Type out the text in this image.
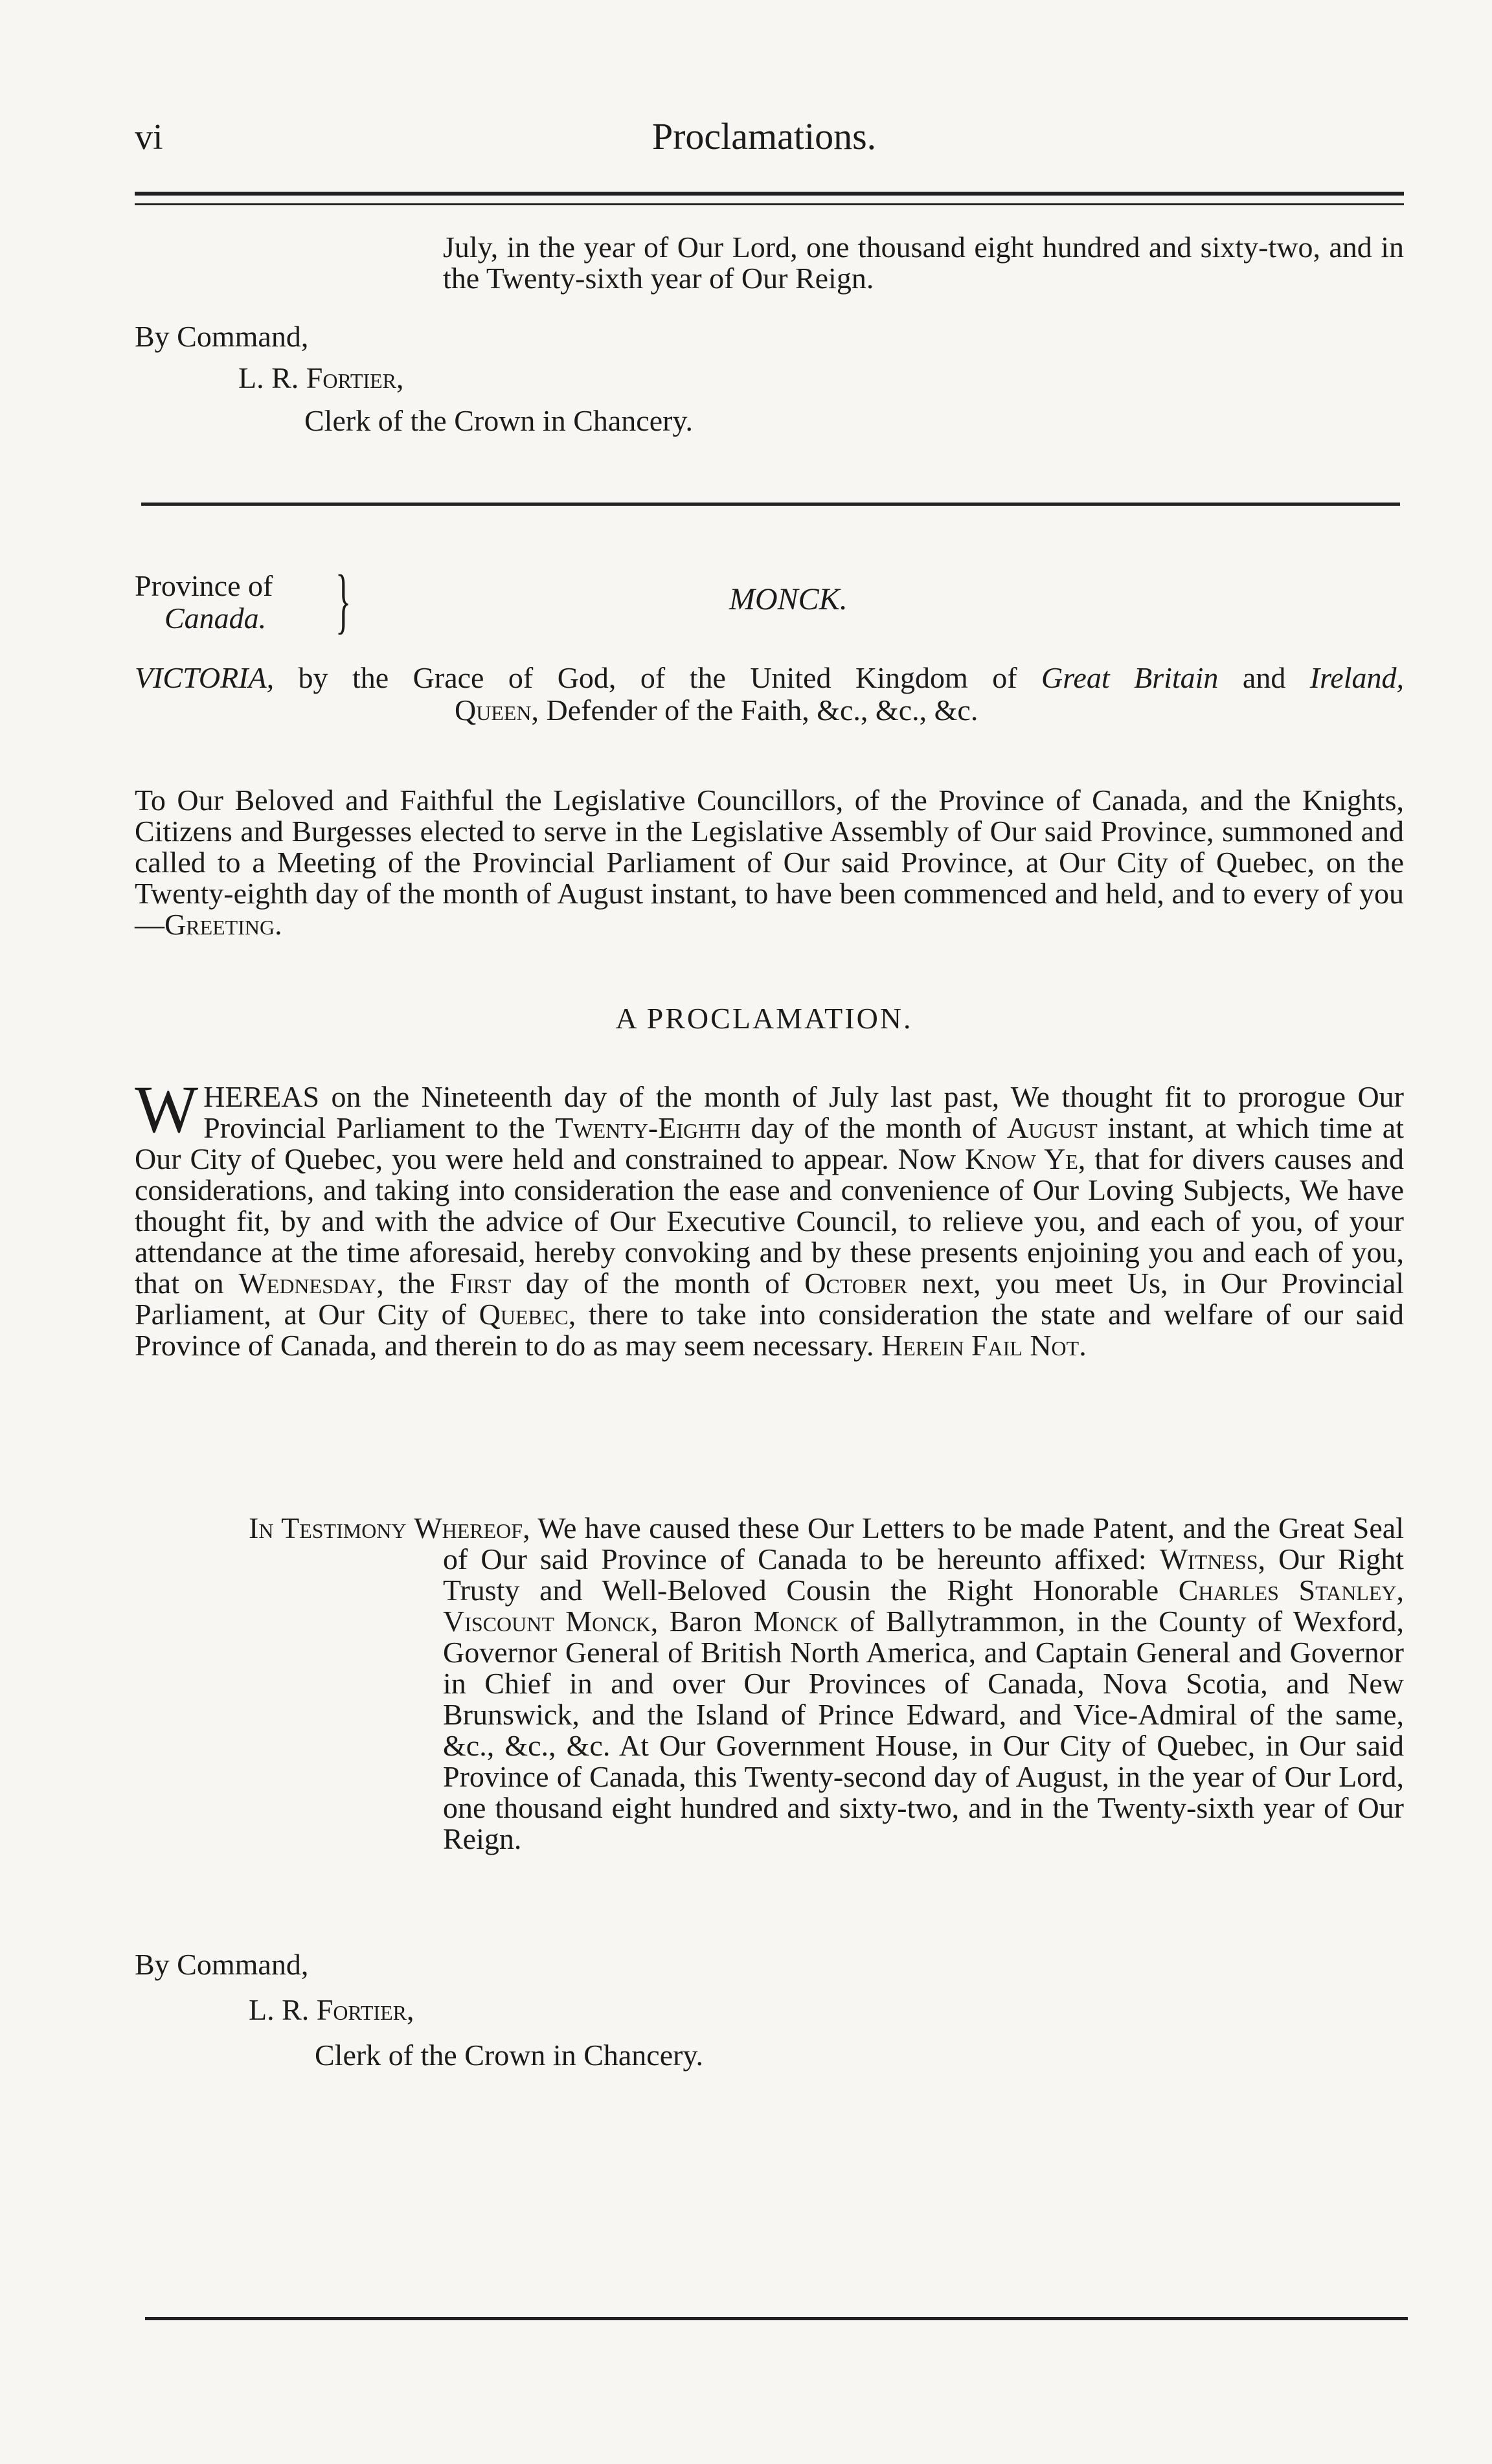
vi	Proclamations.

July, in the year of Our Lord, one thousand eight hundred and sixty-two, and in the Twenty-sixth year of Our Reign.

By Command,
L. R. Fortier,
Clerk of the Crown in Chancery.
Province of
Canada. }	MONCK.
VICTORIA, by the Grace of God, of the United Kingdom of Great Britain and Ireland,
Queen, Defender of the Faith, &c., &c., &c.

To Our Beloved and Faithful the Legislative Councillors, of the Province of Canada, and the Knights, Citizens and Burgesses elected to serve in the Legislative Assembly of Our said Province, summoned and called to a Meeting of the Provincial Parliament of Our said Province, at Our City of Quebec, on the Twenty-eighth day of the month of August instant, to have been commenced and held, and to every of you—Greeting.

A PROCLAMATION.

WHEREAS on the Nineteenth day of the month of July last past, We thought fit to prorogue Our Provincial Parliament to the Twenty-Eighth day of the month of August instant, at which time at Our City of Quebec, you were held and constrained to appear. Now Know Ye, that for divers causes and considerations, and taking into consideration the ease and convenience of Our Loving Subjects, We have thought fit, by and with the advice of Our Executive Council, to relieve you, and each of you, of your attendance at the time aforesaid, hereby convoking and by these presents enjoining you and each of you, that on Wednesday, the First day of the month of October next, you meet Us, in Our Provincial Parliament, at Our City of Quebec, there to take into consideration the state and welfare of our said Province of Canada, and therein to do as may seem necessary. Herein Fail Not.

In Testimony Whereof, We have caused these Our Letters to be made Patent, and the Great Seal of Our said Province of Canada to be hereunto affixed: Witness, Our Right Trusty and Well-Beloved Cousin the Right Honorable Charles Stanley, Viscount Monck, Baron Monck of Ballytrammon, in the County of Wexford, Governor General of British North America, and Captain General and Governor in Chief in and over Our Provinces of Canada, Nova Scotia, and New Brunswick, and the Island of Prince Edward, and Vice-Admiral of the same, &c., &c., &c. At Our Government House, in Our City of Quebec, in Our said Province of Canada, this Twenty-second day of August, in the year of Our Lord, one thousand eight hundred and sixty-two, and in the Twenty-sixth year of Our Reign.

By Command,
L. R. Fortier,
Clerk of the Crown in Chancery.
